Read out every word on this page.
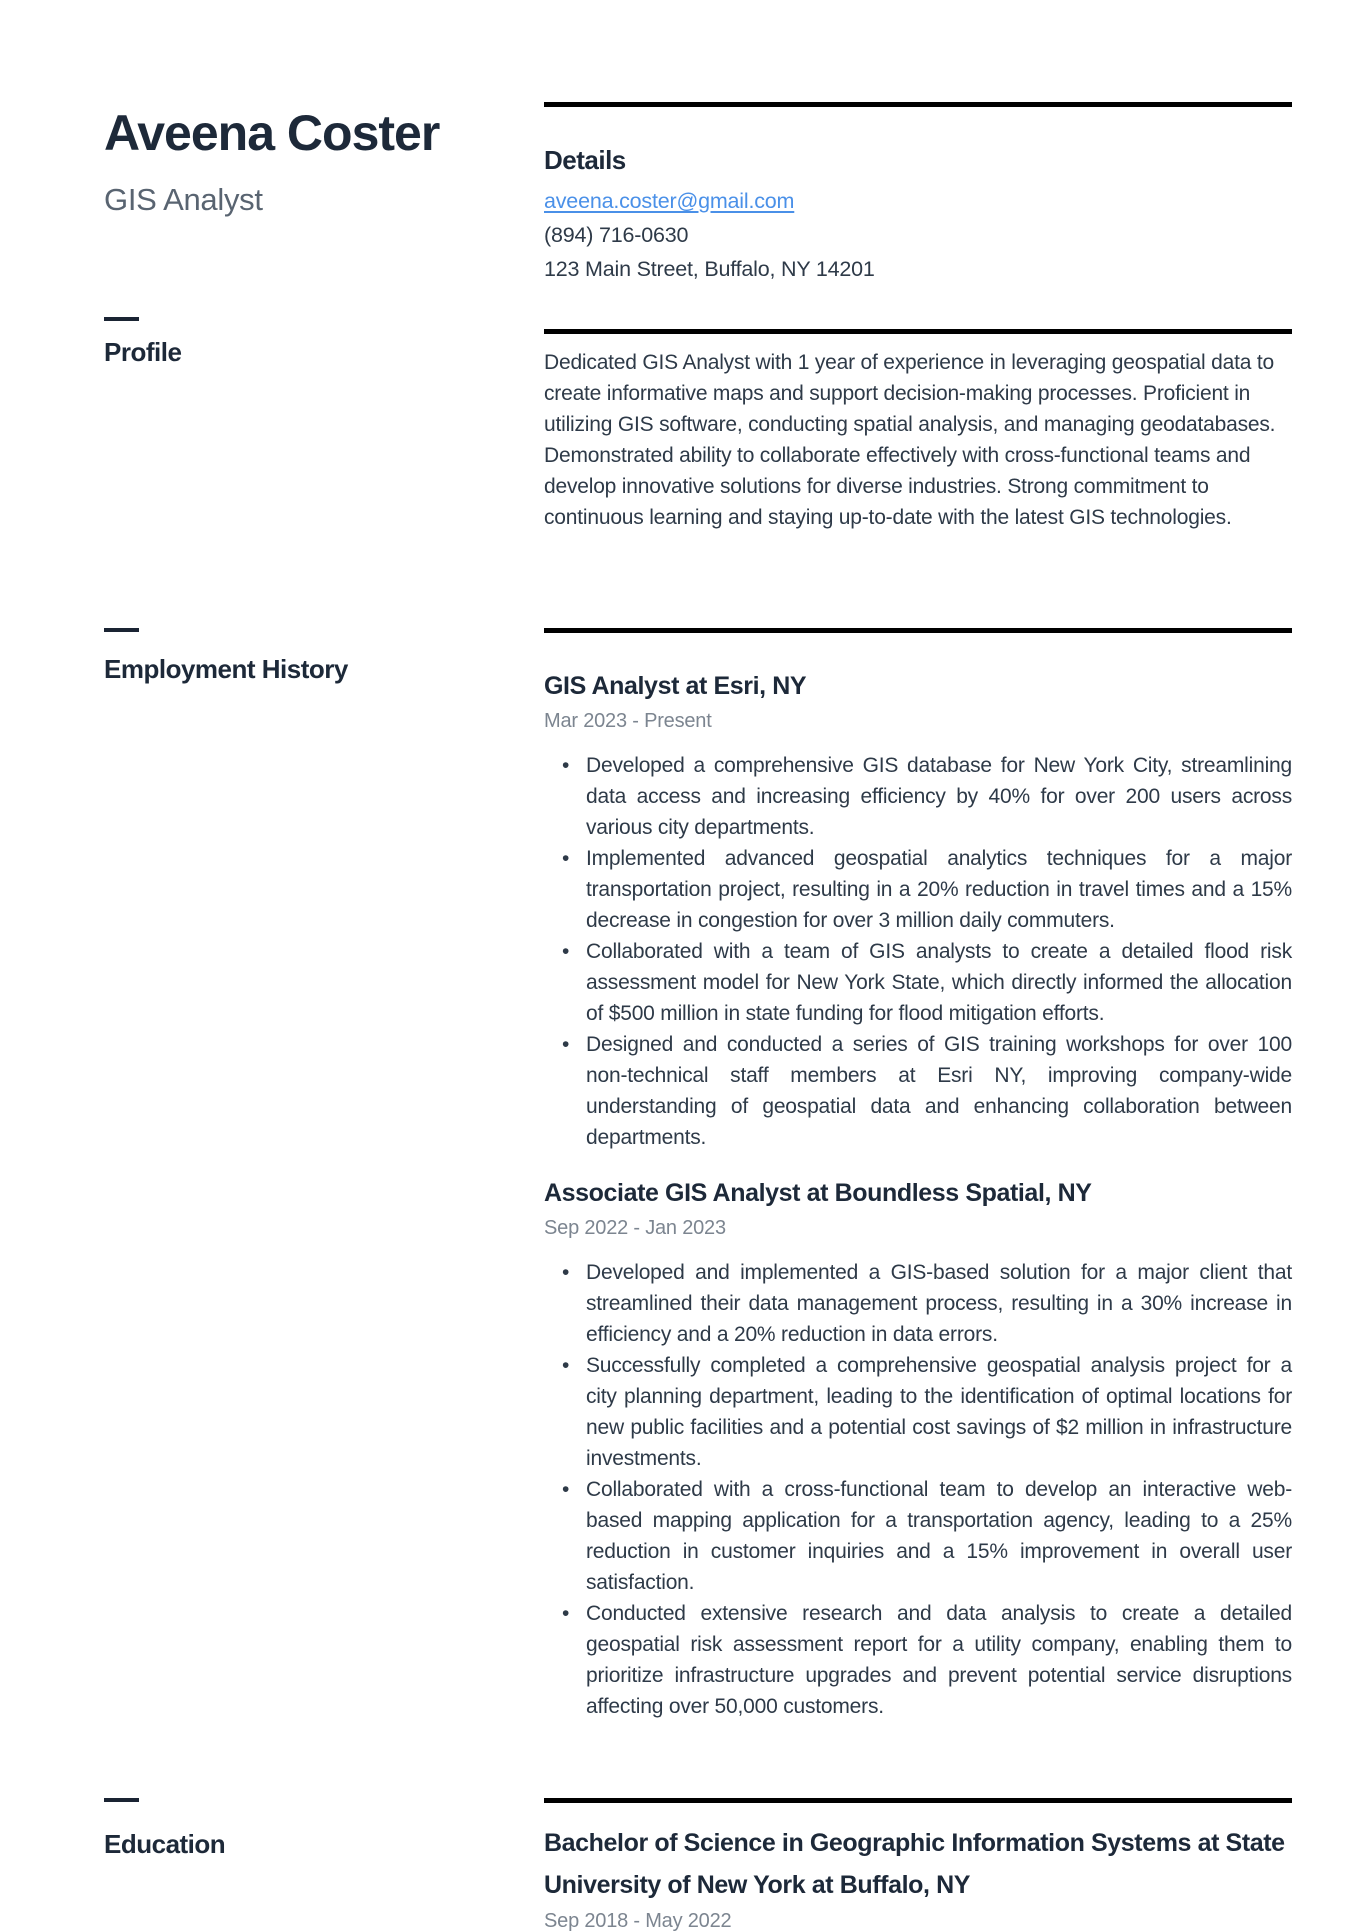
Aveena Coster
GIS Analyst
Details
aveena.coster@gmail.com
(894) 716-0630
123 Main Street, Buffalo, NY 14201
Profile	Dedicated GIS Analyst with 1 year of experience in leveraging geospatial data to create informative maps and support decision-making processes. Proficient in utilizing GIS software, conducting spatial analysis, and managing geodatabases. Demonstrated ability to collaborate effectively with cross-functional teams and develop innovative solutions for diverse industries. Strong commitment to continuous learning and staying up-to-date with the latest GIS technologies.

Employment History
GIS Analyst at Esri, NY
Mar 2023 - Present
• Developed a comprehensive GIS database for New York City, streamlining data access and increasing efficiency by 40% for over 200 users across various city departments.
• Implemented advanced geospatial analytics techniques for a major transportation project, resulting in a 20% reduction in travel times and a 15% decrease in congestion for over 3 million daily commuters.
• Collaborated with a team of GIS analysts to create a detailed flood risk assessment model for New York State, which directly informed the allocation of $500 million in state funding for flood mitigation efforts.
• Designed and conducted a series of GIS training workshops for over 100 non-technical staff members at Esri NY, improving company-wide understanding of geospatial data and enhancing collaboration between departments.
Associate GIS Analyst at Boundless Spatial, NY
Sep 2022 - Jan 2023
• Developed and implemented a GIS-based solution for a major client that streamlined their data management process, resulting in a 30% increase in efficiency and a 20% reduction in data errors.
• Successfully completed a comprehensive geospatial analysis project for a city planning department, leading to the identification of optimal locations for new public facilities and a potential cost savings of $2 million in infrastructure investments.
• Collaborated with a cross-functional team to develop an interactive web-based mapping application for a transportation agency, leading to a 25% reduction in customer inquiries and a 15% improvement in overall user satisfaction.
• Conducted extensive research and data analysis to create a detailed geospatial risk assessment report for a utility company, enabling them to prioritize infrastructure upgrades and prevent potential service disruptions affecting over 50,000 customers.
Education	Bachelor of Science in Geographic Information Systems at State University of New York at Buffalo, NY
Sep 2018 - May 2022
